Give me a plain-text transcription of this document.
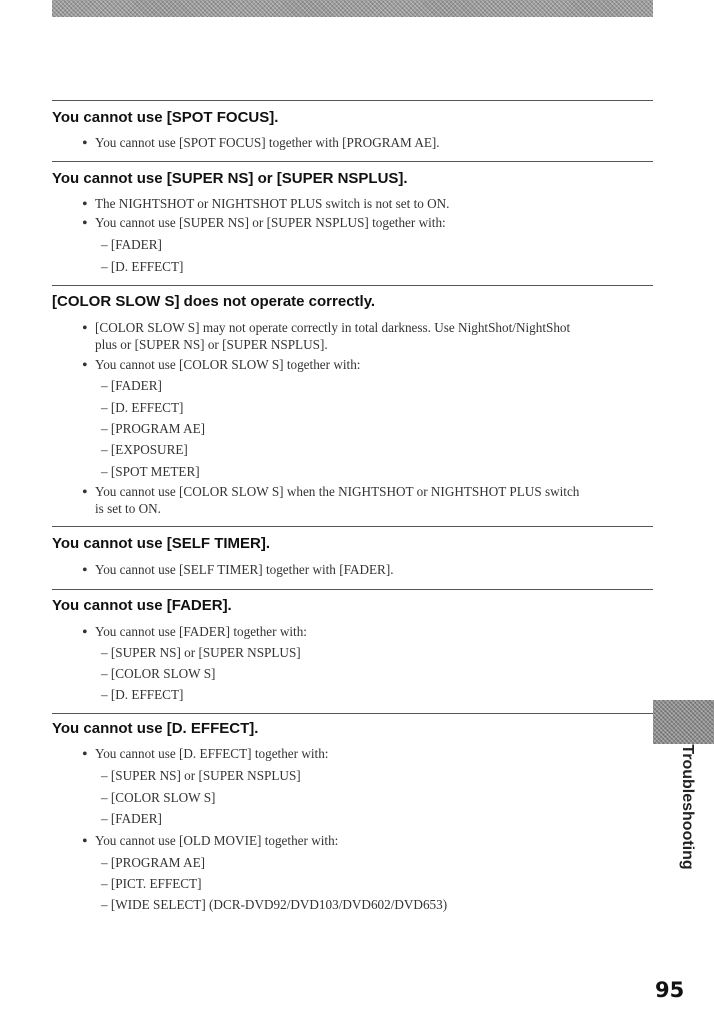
You cannot use [SPOT FOCUS].
• You cannot use [SPOT FOCUS] together with [PROGRAM AE].
You cannot use [SUPER NS] or [SUPER NSPLUS].
• The NIGHTSHOT or NIGHTSHOT PLUS switch is not set to ON.
• You cannot use [SUPER NS] or [SUPER NSPLUS] together with:
– [FADER]
– [D. EFFECT]
[COLOR SLOW S] does not operate correctly.
• [COLOR SLOW S] may not operate correctly in total darkness. Use NightShot/NightShot
plus or [SUPER NS] or [SUPER NSPLUS].
• You cannot use [COLOR SLOW S] together with:
– [FADER]
– [D. EFFECT]
– [PROGRAM AE]
– [EXPOSURE]
– [SPOT METER]
• You cannot use [COLOR SLOW S] when the NIGHTSHOT or NIGHTSHOT PLUS switch
is set to ON.
You cannot use [SELF TIMER].
• You cannot use [SELF TIMER] together with [FADER].
You cannot use [FADER].
• You cannot use [FADER] together with:
– [SUPER NS] or [SUPER NSPLUS]
– [COLOR SLOW S]
– [D. EFFECT]
You cannot use [D. EFFECT].
• You cannot use [D. EFFECT] together with:
– [SUPER NS] or [SUPER NSPLUS]
– [COLOR SLOW S]
– [FADER]
• You cannot use [OLD MOVIE] together with:
– [PROGRAM AE]
– [PICT. EFFECT]
– [WIDE SELECT] (DCR-DVD92/DVD103/DVD602/DVD653)
Troubleshooting
95
